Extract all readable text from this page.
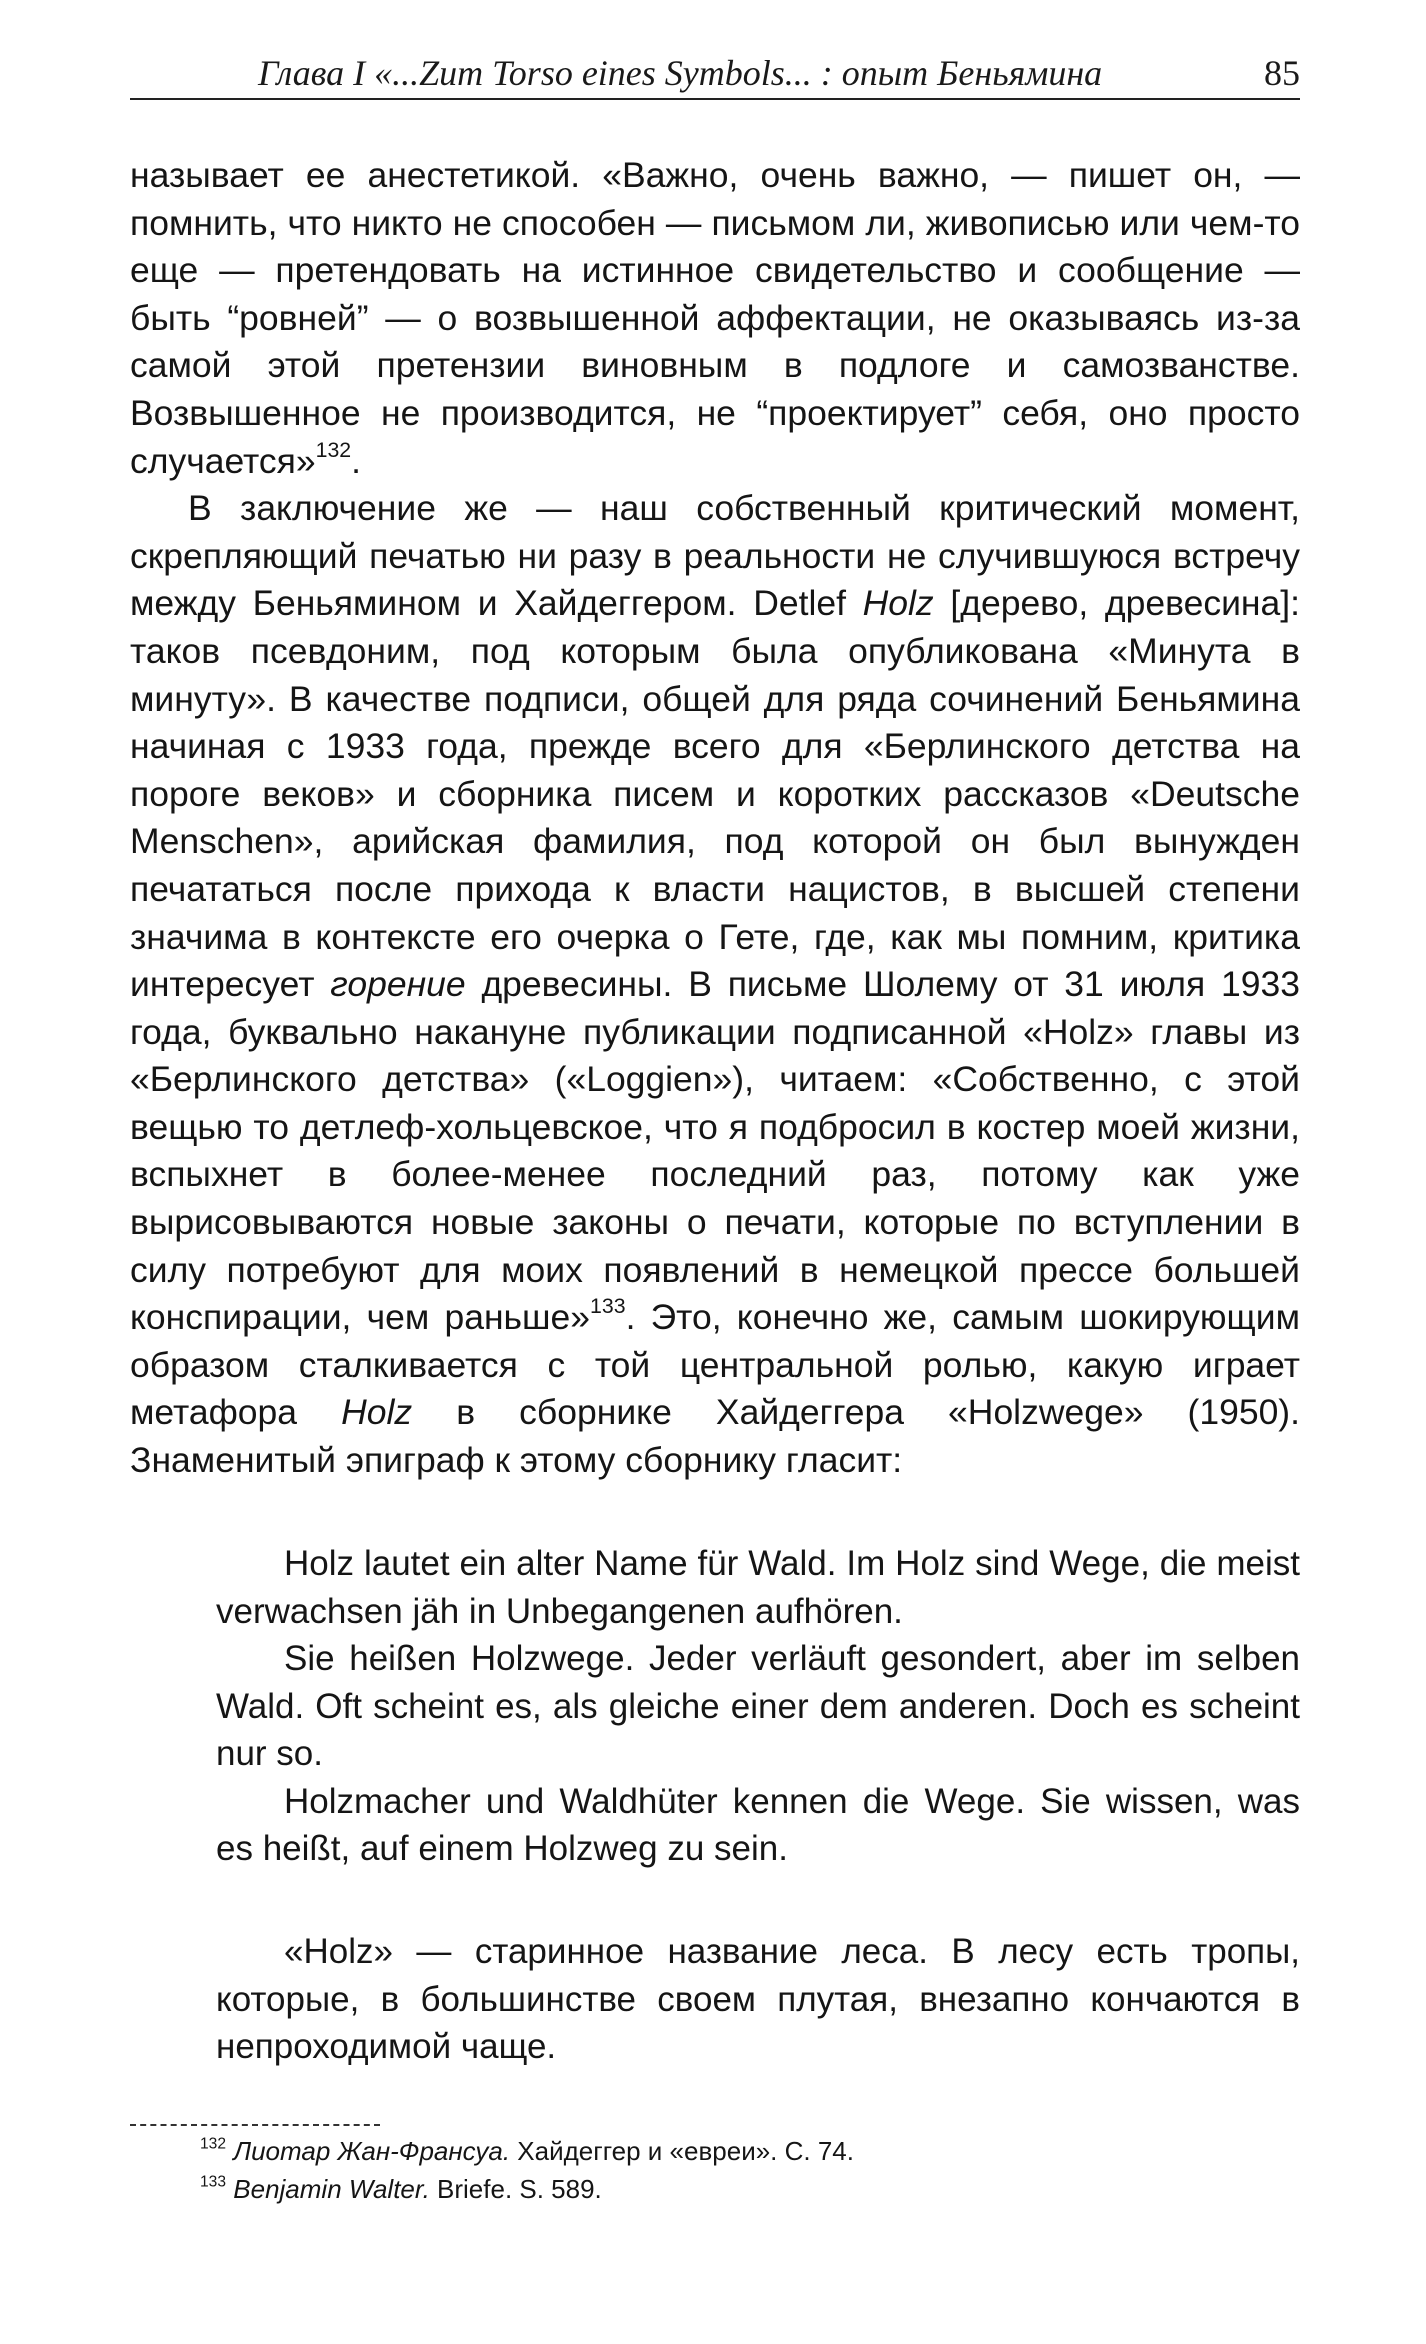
Глава I «...Zum Torso eines Symbols... : опыт Беньямина	85

называет ее анестетикой. «Важно, очень важно, — пишет он, — помнить, что никто не способен — письмом ли, живописью или чем-то еще — претендовать на истинное свидетельство и сообщение — быть “ровней” — о возвышенной аффектации, не оказываясь из-за самой этой претензии виновным в подлоге и самозванстве. Возвышенное не производится, не “проектирует” себя, оно просто случается»$^{132}$.

В заключение же — наш собственный критический момент, скрепляющий печатью ни разу в реальности не случившуюся встречу между Беньямином и Хайдеггером. Detlef Holz [дерево, древесина]: таков псевдоним, под которым была опубликована «Минута в минуту». В качестве подписи, общей для ряда сочинений Беньямина начиная с 1933 года, прежде всего для «Берлинского детства на пороге веков» и сборника писем и коротких рассказов «Deutsche Menschen», арийская фамилия, под которой он был вынужден печататься после прихода к власти нацистов, в высшей степени значима в контексте его очерка о Гете, где, как мы помним, критика интересует горение древесины. В письме Шолему от 31 июля 1933 года, буквально накануне публикации подписанной «Holz» главы из «Берлинского детства» («Loggien»), читаем: «Собственно, с этой вещью то детлеф-хольцевское, что я подбросил в костер моей жизни, вспыхнет в более-менее последний раз, потому как уже вырисовываются новые законы о печати, которые по вступлении в силу потребуют для моих появлений в немецкой прессе большей конспирации, чем раньше»$^{133}$. Это, конечно же, самым шокирующим образом сталкивается с той центральной ролью, какую играет метафора Holz в сборнике Хайдеггера «Holzwege» (1950). Знаменитый эпиграф к этому сборнику гласит:

Holz lautet ein alter Name für Wald. Im Holz sind Wege, die meist verwachsen jäh in Unbegangenen aufhören.

Sie heißen Holzwege. Jeder verläuft gesondert, aber im selben Wald. Oft scheint es, als gleiche einer dem anderen. Doch es scheint nur so.

Holzmacher und Waldhüter kennen die Wege. Sie wissen, was es heißt, auf einem Holzweg zu sein.

«Holz» — старинное название леса. В лесу есть тропы, которые, в большинстве своем плутая, внезапно кончаются в непроходимой чаще.

$^{132}$ Лиотар Жан-Франсуа. Хайдеггер и «евреи». С. 74.

$^{133}$ Benjamin Walter. Briefe. S. 589.
